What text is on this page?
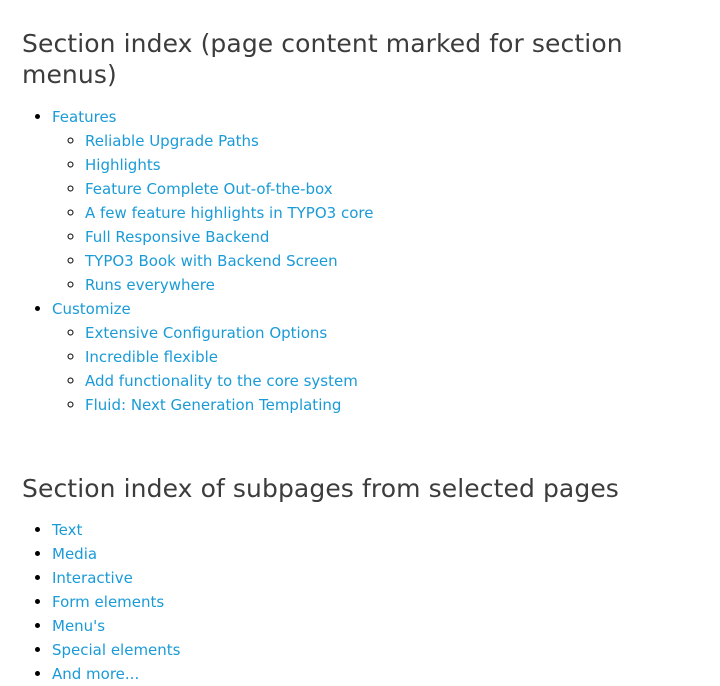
Section index (page content marked for section menus)
• Features
◦ Reliable Upgrade Paths
◦ Highlights
◦ Feature Complete Out-of-the-box
◦ A few feature highlights in TYPO3 core
◦ Full Responsive Backend
◦ TYPO3 Book with Backend Screen
◦ Runs everywhere
• Customize
◦ Extensive Configuration Options
◦ Incredible flexible
◦ Add functionality to the core system
◦ Fluid: Next Generation Templating
Section index of subpages from selected pages
• Text
• Media
• Interactive
• Form elements
• Menu's
• Special elements
• And more...
